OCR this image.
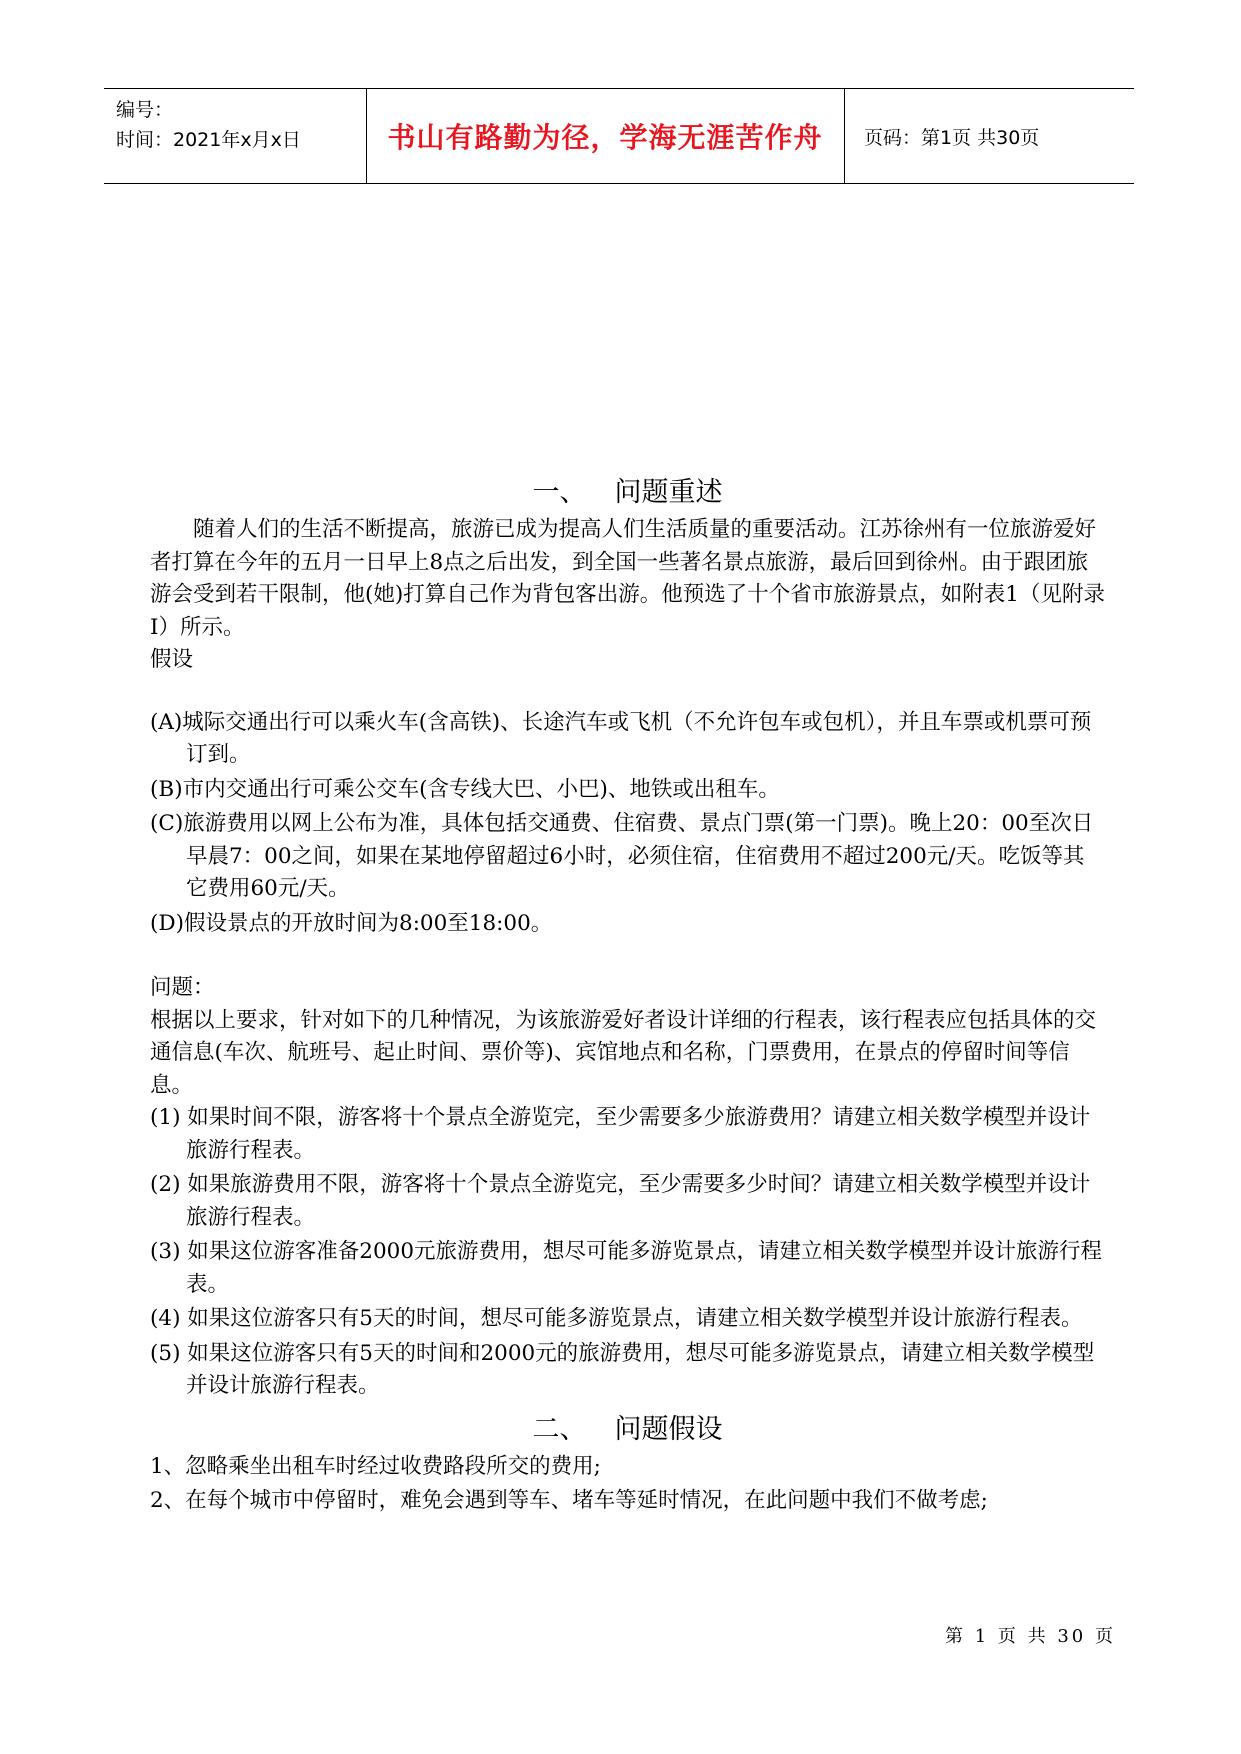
编号：
时间：2021年x月x日	书山有路勤为径，学海无涯苦作舟	页码：第1页 共30页
一、 问题重述

随着人们的生活不断提高，旅游已成为提高人们生活质量的重要活动。江苏徐州有一位旅游爱好者打算在今年的五月一日早上8点之后出发，到全国一些著名景点旅游，最后回到徐州。由于跟团旅游会受到若干限制，他(她)打算自己作为背包客出游。他预选了十个省市旅游景点，如附表1（见附录I）所示。

假设

(A)城际交通出行可以乘火车(含高铁)、长途汽车或飞机（不允许包车或包机），并且车票或机票可预订到。

(B)市内交通出行可乘公交车(含专线大巴、小巴)、地铁或出租车。

(C)旅游费用以网上公布为准，具体包括交通费、住宿费、景点门票(第一门票)。晚上20：00至次日早晨7：00之间，如果在某地停留超过6小时，必须住宿，住宿费用不超过200元/天。吃饭等其它费用60元/天。

(D)假设景点的开放时间为8:00至18:00。

问题：

根据以上要求，针对如下的几种情况，为该旅游爱好者设计详细的行程表，该行程表应包括具体的交通信息(车次、航班号、起止时间、票价等)、宾馆地点和名称，门票费用，在景点的停留时间等信息。

(1) 如果时间不限，游客将十个景点全游览完，至少需要多少旅游费用？请建立相关数学模型并设计旅游行程表。

(2) 如果旅游费用不限，游客将十个景点全游览完，至少需要多少时间？请建立相关数学模型并设计旅游行程表。

(3) 如果这位游客准备2000元旅游费用，想尽可能多游览景点，请建立相关数学模型并设计旅游行程表。

(4) 如果这位游客只有5天的时间，想尽可能多游览景点，请建立相关数学模型并设计旅游行程表。

(5) 如果这位游客只有5天的时间和2000元的旅游费用，想尽可能多游览景点，请建立相关数学模型并设计旅游行程表。

二、 问题假设

1、忽略乘坐出租车时经过收费路段所交的费用;

2、在每个城市中停留时，难免会遇到等车、堵车等延时情况，在此问题中我们不做考虑;

第 1 页 共 30 页
